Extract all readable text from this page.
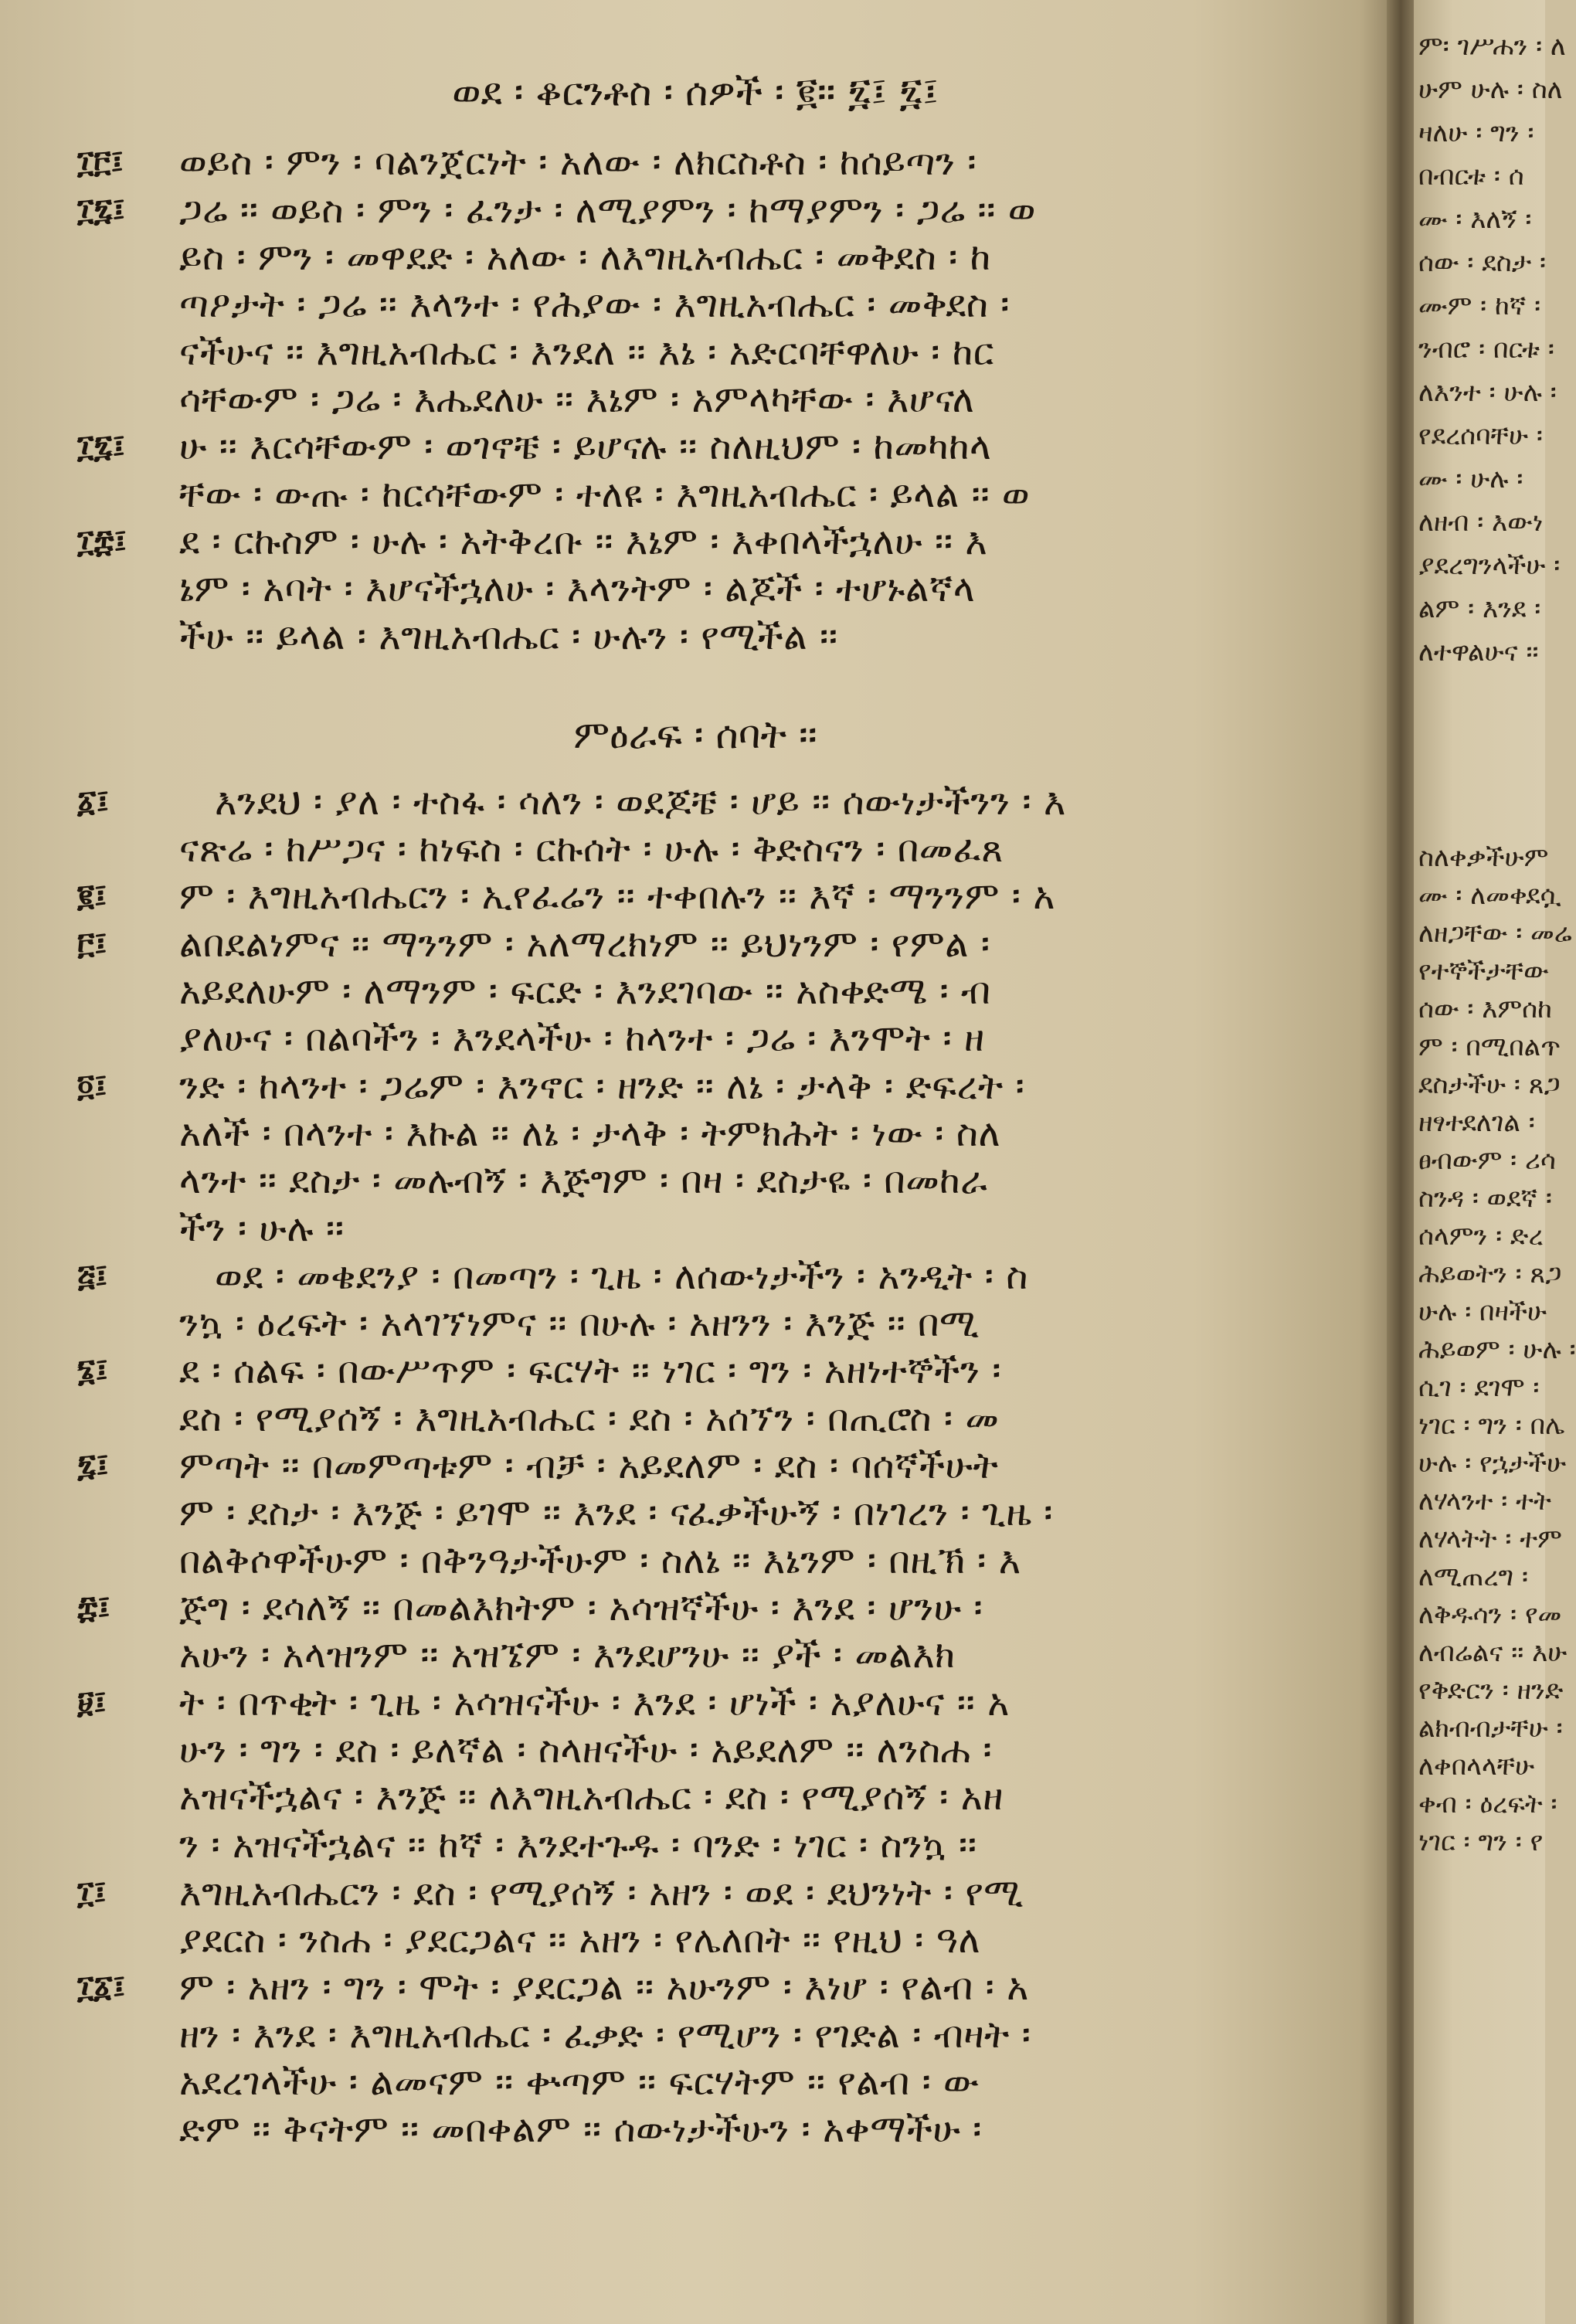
ም፡ ገሥሐን ፡ ለ
ሁም ሁሉ ፡ ስለ
ዛለሁ ፡ ግን ፡
በብርቱ ፡ ሰ
ሙ ፡ እለኝ ፡
ሰው ፡ ደስታ ፡
ሙም ፡ ከኛ ፡
ንብሮ ፡ በርቱ ፡
ለእንተ ፡ ሁሉ ፡
የደረሰባቸሁ ፡
ሙ ፡ ሁሉ ፡
ለዘብ ፡ እውነ
ያደረግንላችሁ ፡
ልም ፡ እንደ ፡
ለተዋልሁና ፡፡
ስለቀቃችሁም
ሙ ፡ ለመቀደሷ
ለዘጋቸው ፡ መሬ
የተኞችታቸው
ሰው ፡ እምሰከ
ም ፡ በሚበልጥ
ደስታችሁ ፡ ጸጋ
ዘፃተደለገል ፡
ፀብውም ፡ ሪሳ
ስንዳ ፡ ወደኛ ፡
ሰላምን ፡ ድረ
ሕይወትን ፡ ጸጋ
ሁሉ ፡ በዛችሁ
ሕይወም ፡ ሁሉ ፡
ሲገ ፡ ደገሞ ፡
ነገር ፡ ግን ፡ በሌ
ሁሉ ፡ የኋታችሁ
ለሃላንተ ፡ ተት
ለሃላትት ፡ ተም
ለሚጠረግ ፡
ለቅዱሳን ፡ የመ
ለብሬልና ፡፡ እሁ
የቅድርን ፡ ዘንድ
ልክብብታቸሁ ፡
ለቀበላላቸሁ
ቀብ ፡ ዕረፍት ፡
ነገር ፡ ግን ፡ የ
ወደ ፡ ቆርንቶስ ፡ ሰዎች ፡ ፪። ፯፤ ፯፤
፲፫፤
፲፯፤
፲፯፤
፲፰፤
ወይስ ፡ ምን ፡ ባልንጀርነት ፡ አለው ፡ ለክርስቶስ ፡ ከሰይጣን ፡
ጋሬ ፡፡ ወይስ ፡ ምን ፡ ፈንታ ፡ ለሚያምን ፡ ከማያምን ፡ ጋሬ ፡፡ ወ
ይስ ፡ ምን ፡ መዋደድ ፡ አለው ፡ ለእግዚአብሔር ፡ መቅደስ ፡ ከ
ጣዖታት ፡ ጋሬ ፡፡ እላንተ ፡ የሕያው ፡ እግዚአብሔር ፡ መቅደስ ፡
ናችሁና ፡፡ እግዚአብሔር ፡ እንደለ ፡፡ እኔ ፡ አድርባቸዋለሁ ፡ ከር
ሳቸውም ፡ ጋሬ ፡ እሔደለሁ ፡፡ እኔም ፡ አምላካቸው ፡ እሆናለ
ሁ ፡፡ እርሳቸውም ፡ ወገኖቼ ፡ ይሆናሉ ፡፡ ስለዚህም ፡ ከመካከላ
ቸው ፡ ውጡ ፡ ከርሳቸውም ፡ ተለዩ ፡ እግዚአብሔር ፡ ይላል ፡፡ ወ
ደ ፡ ርኩስም ፡ ሁሉ ፡ አትቅረቡ ፡፡ እኔም ፡ እቀበላችኋለሁ ፡፡ እ
ኔም ፡ አባት ፡ እሆናችኋለሁ ፡ እላንትም ፡ ልጆች ፡ ተሆኑልኛላ
ችሁ ፡፡ ይላል ፡ እግዚአብሔር ፡ ሁሉን ፡ የሚችል ፡፡
ምዕራፍ ፡ ሰባት ፡፡
፩፤
፪፤
፫፤
፬፤
፭፤
፮፤
፯፤
፰፤
፱፤
፲፤
፲፩፤
እንደህ ፡ ያለ ፡ ተስፋ ፡ ሳለን ፡ ወደጆቼ ፡ ሆይ ፡፡ ሰውነታችንን ፡ እ
ናጽሬ ፡ ከሥጋና ፡ ከነፍስ ፡ ርኩሰት ፡ ሁሉ ፡ ቅድስናን ፡ በመፈጸ
ም ፡ እግዚአብሔርን ፡ ኢየፈሬን ፡፡ ተቀበሉን ፡፡ እኛ ፡ ማንንም ፡ አ
ልበደልነምና ፡፡ ማንንም ፡ አለማረክነም ፡፡ ይህነንም ፡ የምል ፡
አይደለሁም ፡ ለማንም ፡ ፍርድ ፡ እንደገባው ፡፡ አስቀድሜ ፡ ብ
ያለሁና ፡ በልባችን ፡ እንደላችሁ ፡ ከላንተ ፡ ጋሬ ፡ እንሞት ፡ ዘ
ንድ ፡ ከላንተ ፡ ጋሬም ፡ እንኖር ፡ ዘንድ ፡፡ ለኔ ፡ ታላቅ ፡ ድፍረት ፡
አለች ፡ በላንተ ፡ እኩል ፡፡ ለኔ ፡ ታላቅ ፡ ትምክሕት ፡ ነው ፡ ስለ
ላንተ ፡፡ ደስታ ፡ መሉብኝ ፡ እጅግም ፡ በዛ ፡ ደስታዬ ፡ በመከራ
ችን ፡ ሁሉ ፡፡
ወደ ፡ መቄደንያ ፡ በመጣን ፡ ጊዜ ፡ ለሰውነታችን ፡ አንዲት ፡ ስ
ንኳ ፡ ዕረፍት ፡ አላገኘነምና ፡፡ በሁሉ ፡ አዘንን ፡ እንጅ ፡፡ በሚ
ደ ፡ ሰልፍ ፡ በውሥጥም ፡ ፍርሃት ፡፡ ነገር ፡ ግን ፡ አዘነተኞችን ፡
ደስ ፡ የሚያሰኝ ፡ እግዚአብሔር ፡ ደስ ፡ አሰኘን ፡ በጢሮስ ፡ መ
ምጣት ፡፡ በመምጣቱም ፡ ብቻ ፡ አይደለም ፡ ደስ ፡ ባሰኛችሁት
ም ፡ ደስታ ፡ እንጅ ፡ ይገሞ ፡፡ እንደ ፡ ናፈቃችሁኝ ፡ በነገረን ፡ ጊዜ ፡
በልቅሶዋችሁም ፡ በቅንዓታችሁም ፡ ስለኔ ፡፡ እኔንም ፡ በዚኽ ፡ እ
ጅግ ፡ ደሳለኝ ፡፡ በመልእክትም ፡ አሳዝኛችሁ ፡ እንደ ፡ ሆንሁ ፡
አሁን ፡ አላዝንም ፡፡ አዝኜም ፡ እንደሆንሁ ፡፡ ያች ፡ መልእክ
ት ፡ በጥቂት ፡ ጊዜ ፡ አሳዝናችሁ ፡ እንደ ፡ ሆነች ፡ አያለሁና ፡፡ አ
ሁን ፡ ግን ፡ ደስ ፡ ይለኛል ፡ ስላዘናችሁ ፡ አይደለም ፡፡ ለንስሐ ፡
አዝናችኋልና ፡ እንጅ ፡፡ ለእግዚአብሔር ፡ ደስ ፡ የሚያሰኝ ፡ አዘ
ን ፡ አዝናችኋልና ፡፡ ከኛ ፡ እንደተጉዱ ፡ ባንድ ፡ ነገር ፡ ስንኳ ፡፡
እግዚአብሔርን ፡ ደስ ፡ የሚያሰኝ ፡ አዘን ፡ ወደ ፡ ደህንነት ፡ የሚ
ያደርስ ፡ ንስሐ ፡ ያደርጋልና ፡፡ አዘን ፡ የሌለበት ፡፡ የዚህ ፡ ዓለ
ም ፡ አዘን ፡ ግን ፡ ሞት ፡ ያደርጋል ፡፡ አሁንም ፡ እነሆ ፡ የልብ ፡ አ
ዘን ፡ እንደ ፡ እግዚአብሔር ፡ ፈቃድ ፡ የሚሆን ፡ የገድል ፡ ብዛት ፡
አደረገላችሁ ፡ ልመናም ፡፡ ቍጣም ፡፡ ፍርሃትም ፡፡ የልብ ፡ ው
ድም ፡፡ ቅናትም ፡፡ መበቀልም ፡፡ ሰውነታችሁን ፡ አቀማችሁ ፡
